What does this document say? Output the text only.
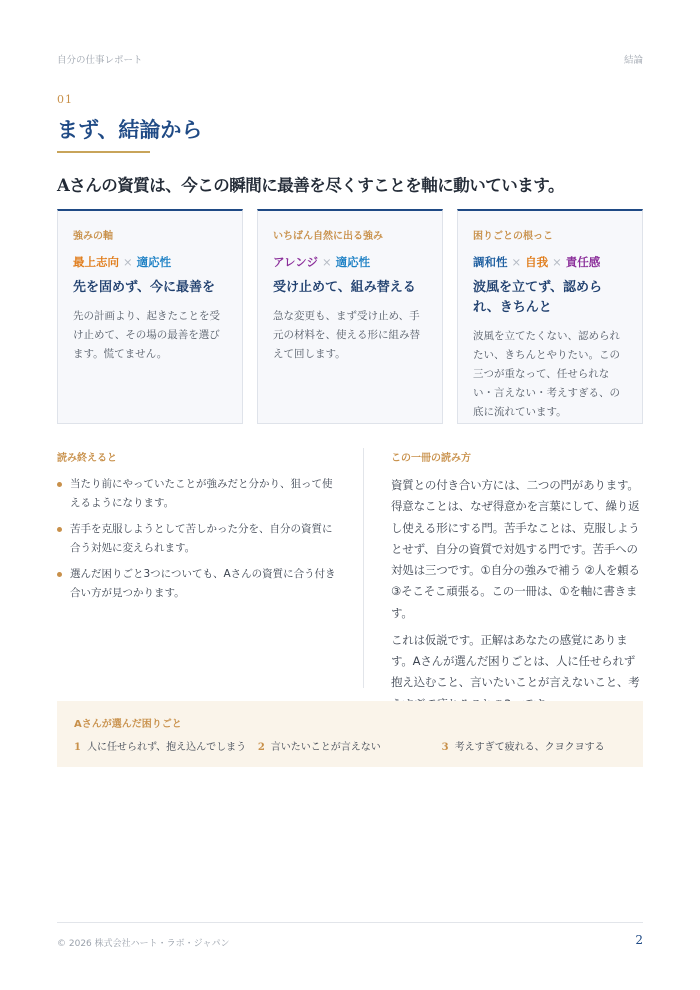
自分の仕事レポート	結論
01
まず、結論から

Aさんの資質は、今この瞬間に最善を尽くすことを軸に動いています。

強みの軸
最上志向 × 適応性
先を固めず、今に最善を
先の計画より、起きたことを受け止めて、その場の最善を選びます。慌てません。
いちばん自然に出る強み
アレンジ × 適応性
受け止めて、組み替える
急な変更も、まず受け止め、手元の材料を、使える形に組み替えて回します。
困りごとの根っこ
調和性 × 自我 × 責任感
波風を立てず、認められ、きちんと
波風を立てたくない、認められたい、きちんとやりたい。この三つが重なって、任せられない・言えない・考えすぎる、の底に流れています。
読み終えると
当たり前にやっていたことが強みだと分かり、狙って使えるようになります。
苦手を克服しようとして苦しかった分を、自分の資質に合う対処に変えられます。
選んだ困りごと3つについても、Aさんの資質に合う付き合い方が見つかります。
この一冊の読み方

資質との付き合い方には、二つの門があります。得意なことは、なぜ得意かを言葉にして、繰り返し使える形にする門。苦手なことは、克服しようとせず、自分の資質で対処する門です。苦手への対処は三つです。①自分の強みで補う ②人を頼る ③そこそこ頑張る。この一冊は、①を軸に書きます。

これは仮説です。正解はあなたの感覚にあります。Aさんが選んだ困りごとは、人に任せられず抱え込むこと、言いたいことが言えないこと、考

Aさんが選んだ困りごと
1 人に任せられず、抱え込んでしまう	2 言いたいことが言えない	3 考えすぎて疲れる、クヨクヨする
© 2026 株式会社ハート・ラボ・ジャパン	2
